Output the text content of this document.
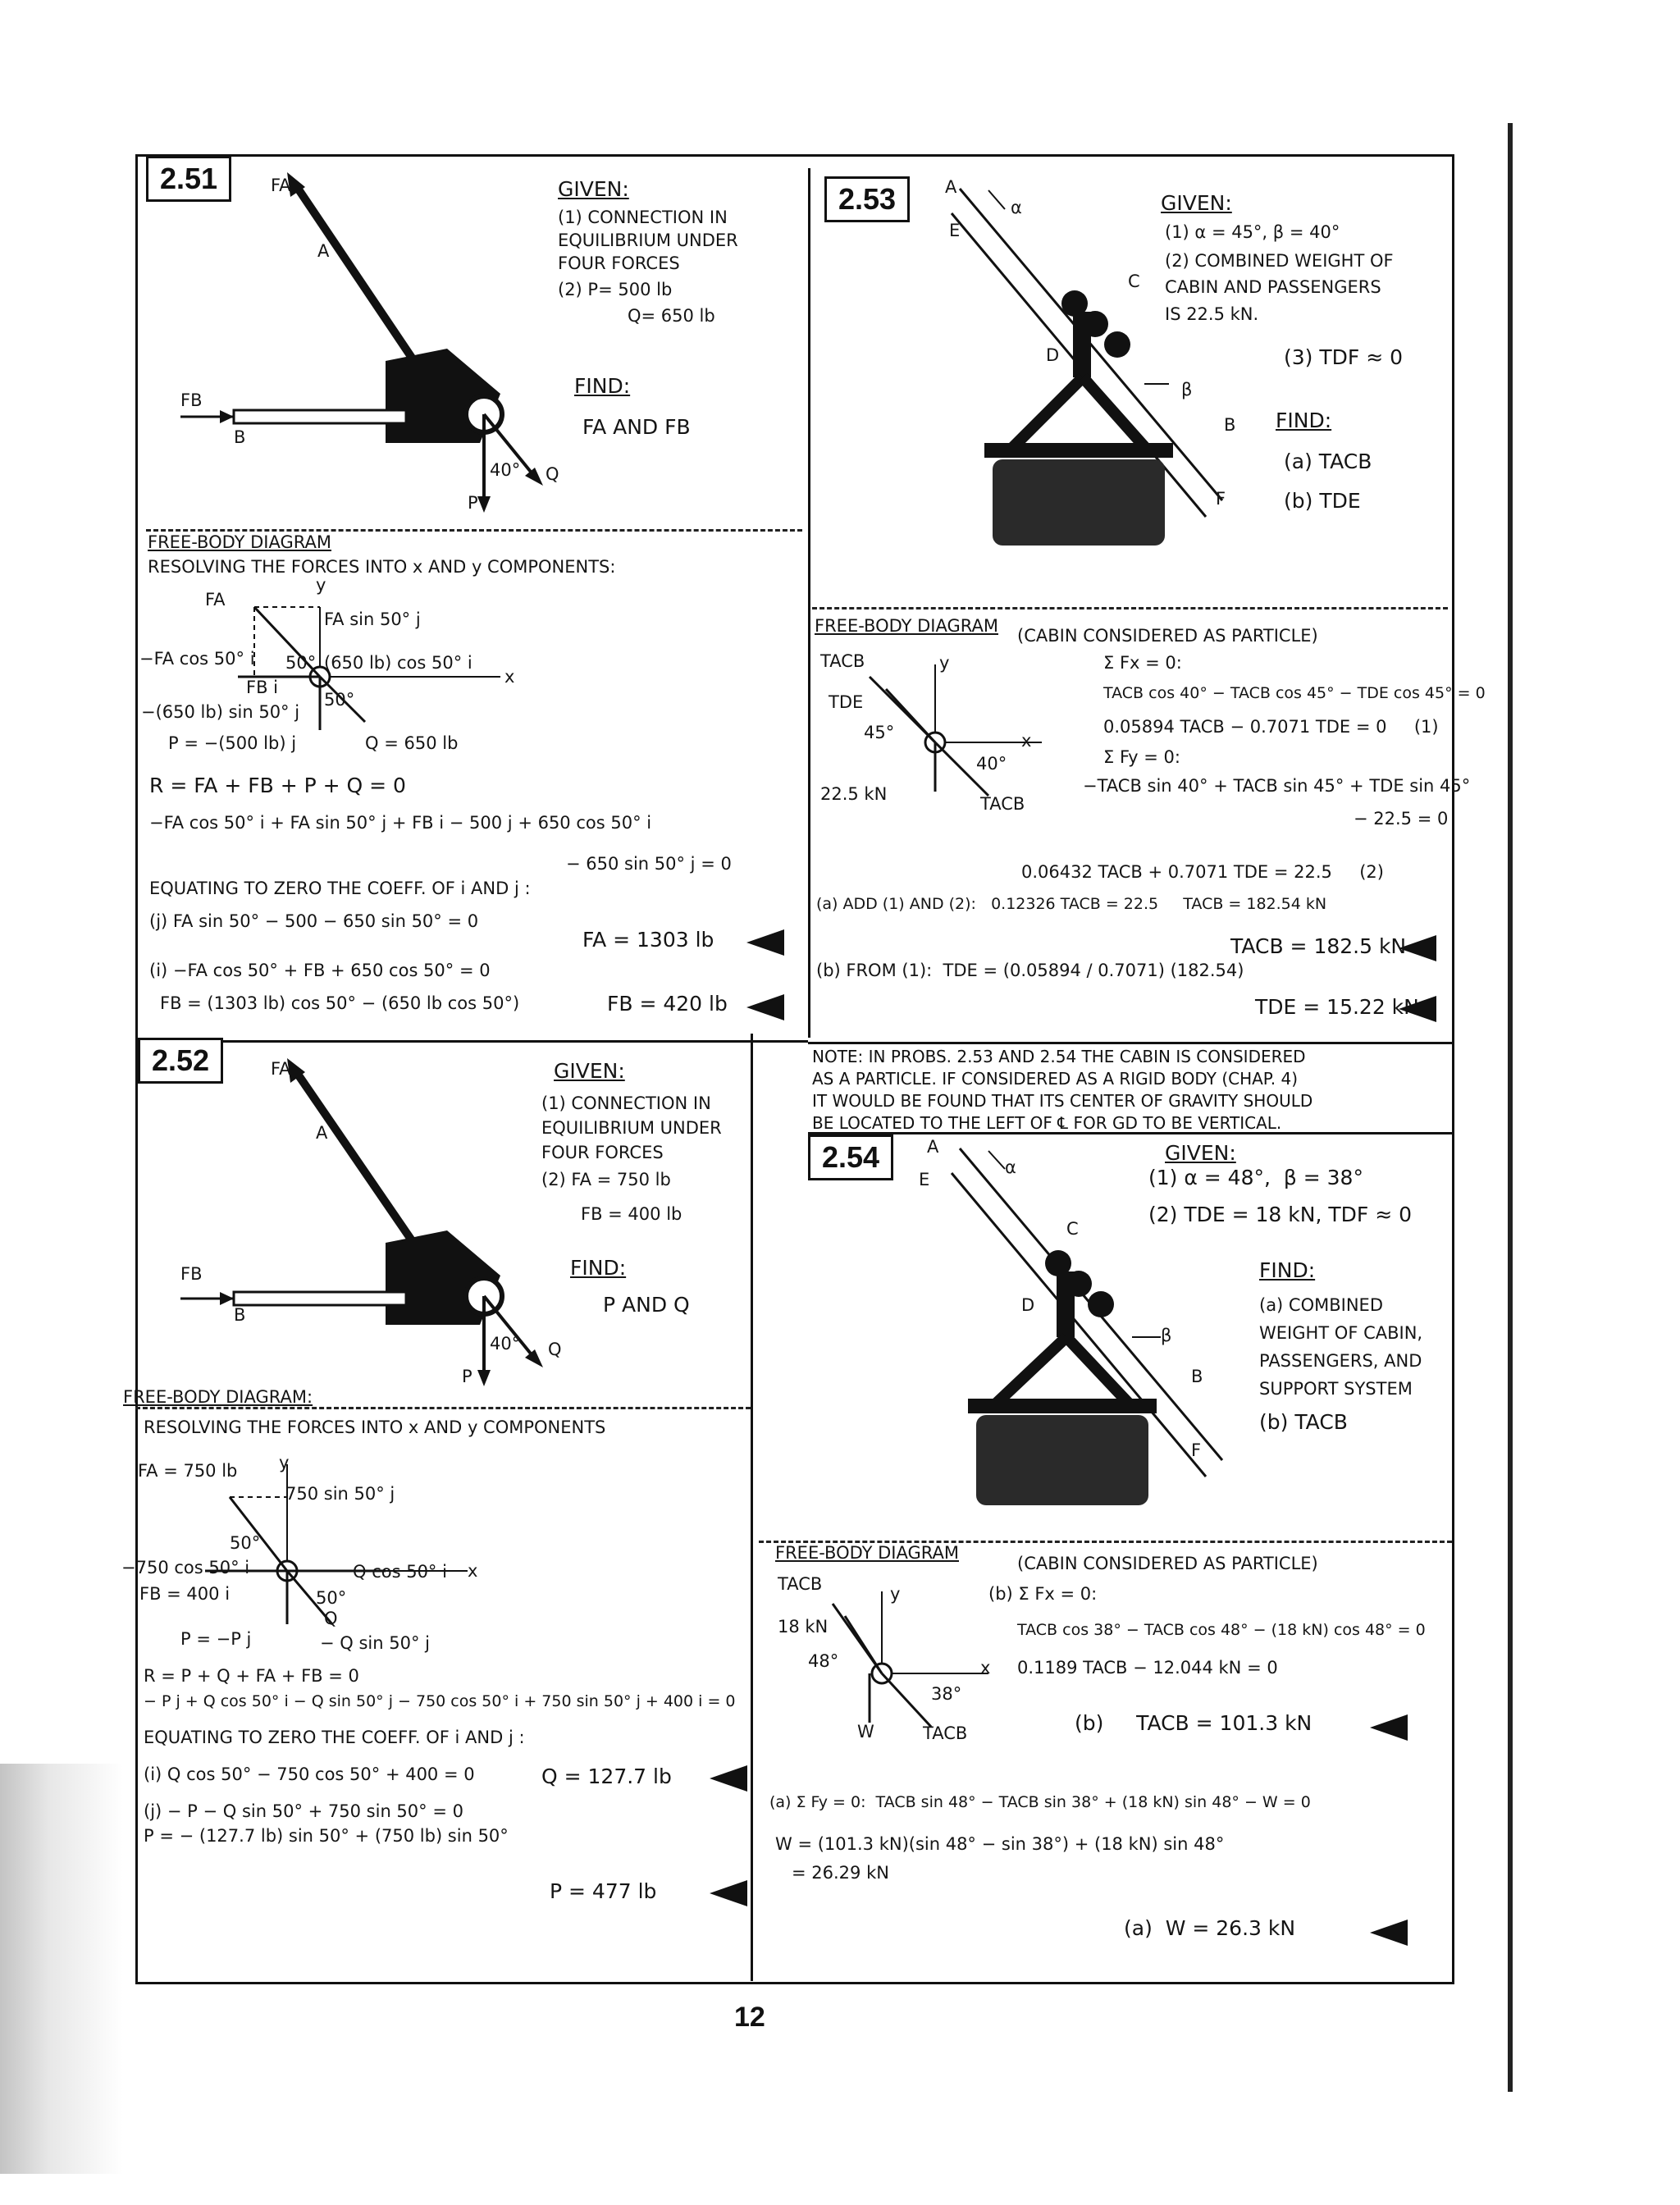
2.51	FA
A
FB
B
P
Q
40°
GIVEN:
(1) CONNECTION IN
EQUILIBRIUM UNDER
FOUR FORCES
(2) P= 500 lb
Q= 650 lb
FIND:
FA AND FB
FREE-BODY DIAGRAM
RESOLVING THE FORCES INTO x AND y COMPONENTS:
FA
FA sin 50° j
−FA cos 50° i	(650 lb) cos 50° i
FB i
−(650 lb) sin 50° j
P = −(500 lb) j	Q = 650 lb
50°
50°
x
y
R = FA + FB + P + Q = 0
−FA cos 50° i + FA sin 50° j + FB i − 500 j + 650 cos 50° i
− 650 sin 50° j = 0
EQUATING TO ZERO THE COEFF. OF i AND j :
(j) FA sin 50° − 500 − 650 sin 50° = 0
(i) −FA cos 50° + FB + 650 cos 50° = 0
FB = (1303 lb) cos 50° − (650 lb cos 50°)
FA = 1303 lb
FB = 420 lb
2.52	FA
A
FB
B
P
Q
40°
GIVEN:
(1) CONNECTION IN
EQUILIBRIUM UNDER
FOUR FORCES
(2) FA = 750 lb
FB = 400 lb
FIND:
P AND Q
FREE-BODY DIAGRAM:
RESOLVING THE FORCES INTO x AND y COMPONENTS
FA = 750 lb
750 sin 50° j
−750 cos 50° i
FB = 400 i
Q cos 50° i
Q
− Q sin 50° j
P = −P j
50°
50°
x
y
R = P + Q + FA + FB = 0
− P j + Q cos 50° i − Q sin 50° j − 750 cos 50° i + 750 sin 50° j + 400 i = 0
EQUATING TO ZERO THE COEFF. OF i AND j :
(i) Q cos 50° − 750 cos 50° + 400 = 0
(j) − P − Q sin 50° + 750 sin 50° = 0
P = − (127.7 lb) sin 50° + (750 lb) sin 50°
Q = 127.7 lb
P = 477 lb
2.53	A
E
α
C
D
β
B
F
GIVEN:
(1) α = 45°, β = 40°
(2) COMBINED WEIGHT OF
CABIN AND PASSENGERS
IS 22.5 kN.
(3) TDF ≈ 0
FIND:
(a) TACB
(b) TDE
FREE-BODY DIAGRAM (CABIN CONSIDERED AS PARTICLE)
TACB
TDE
45°
40°
22.5 kN	TACB
x
y	Σ Fx = 0:
TACB cos 40° − TACB cos 45° − TDE cos 45° = 0
0.05894 TACB − 0.7071 TDE = 0     (1)
Σ Fy = 0:
−TACB sin 40° + TACB sin 45° + TDE sin 45°
− 22.5 = 0
0.06432 TACB + 0.7071 TDE = 22.5     (2)
(a) ADD (1) AND (2):   0.12326 TACB = 22.5     TACB = 182.54 kN
(b) FROM (1):  TDE = (0.05894 / 0.7071) (182.54)
TACB = 182.5 kN
TDE = 15.22 kN
NOTE: IN PROBS. 2.53 AND 2.54 THE CABIN IS CONSIDERED
AS A PARTICLE. IF CONSIDERED AS A RIGID BODY (CHAP. 4)
IT WOULD BE FOUND THAT ITS CENTER OF GRAVITY SHOULD
BE LOCATED TO THE LEFT OF ℄ FOR GD TO BE VERTICAL.
2.54	A
E
α
C
D
β
B
F
GIVEN:
(1) α = 48°,  β = 38°
(2) TDE = 18 kN, TDF ≈ 0
FIND:
(a) COMBINED
WEIGHT OF CABIN,
PASSENGERS, AND
SUPPORT SYSTEM
(b) TACB
FREE-BODY DIAGRAM
(CABIN CONSIDERED AS PARTICLE)
TACB
18 kN
48°
38°
W	TACB
x
y	(b) Σ Fx = 0:
TACB cos 38° − TACB cos 48° − (18 kN) cos 48° = 0
0.1189 TACB − 12.044 kN = 0
(b)     TACB = 101.3 kN
(a) Σ Fy = 0:  TACB sin 48° − TACB sin 38° + (18 kN) sin 48° − W = 0
W = (101.3 kN)(sin 48° − sin 38°) + (18 kN) sin 48°
= 26.29 kN
(a)  W = 26.3 kN
12
